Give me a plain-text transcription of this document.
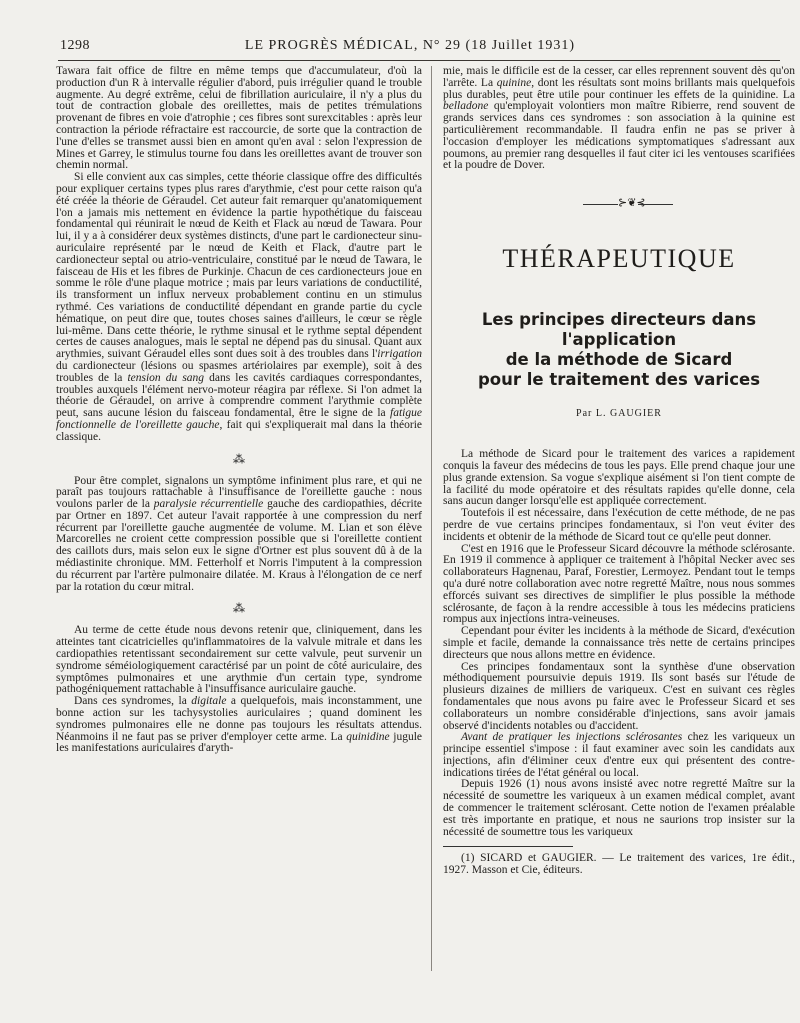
1298	LE PROGRÈS MÉDICAL, N° 29 (18 Juillet 1931)

Tawara fait office de filtre en même temps que d'accumulateur, d'où la production d'un R à intervalle régulier d'abord, puis irrégulier quand le trouble augmente. Au degré extrême, celui de fibrillation auriculaire, il n'y a plus du tout de contraction globale des oreillettes, mais de petites trémulations provenant de fibres en voie d'atrophie ; ces fibres sont surexcitables : après leur contraction la période réfractaire est raccourcie, de sorte que la contraction de l'une d'elles se transmet aussi bien en amont qu'en aval : selon l'expression de Mines et Garrey, le stimulus tourne fou dans les oreillettes avant de trouver son chemin normal.

Si elle convient aux cas simples, cette théorie classique offre des difficultés pour expliquer certains types plus rares d'arythmie, c'est pour cette raison qu'a été créée la théorie de Géraudel. Cet auteur fait remarquer qu'anatomiquement l'on a jamais mis nettement en évidence la partie hypothétique du faisceau fondamental qui réunirait le nœud de Keith et Flack au nœud de Tawara. Pour lui, il y a à considérer deux systèmes distincts, d'une part le cardionecteur sinu-auriculaire représenté par le nœud de Keith et Flack, d'autre part le cardionecteur septal ou atrio-ventriculaire, constitué par le nœud de Tawara, le faisceau de His et les fibres de Purkinje. Chacun de ces cardionecteurs joue en somme le rôle d'une plaque motrice ; mais par leurs variations de conductilité, ils transforment un influx nerveux probablement continu en un stimulus rythmé. Ces variations de conductilité dépendant en grande partie du cycle hématique, on peut dire que, toutes choses saines d'ailleurs, le cœur se règle lui-même. Dans cette théorie, le rythme sinusal et le rythme septal dépendent certes de causes analogues, mais le septal ne dépend pas du sinusal. Quant aux arythmies, suivant Géraudel elles sont dues soit à des troubles dans l'irrigation du cardionecteur (lésions ou spasmes artériolaires par exemple), soit à des troubles de la tension du sang dans les cavités cardiaques correspondantes, troubles auxquels l'élément nervo-moteur réagira par réflexe. Si l'on admet la théorie de Géraudel, on arrive à comprendre comment l'arythmie complète peut, sans aucune lésion du faisceau fondamental, être le signe de la fatigue fonctionnelle de l'oreillette gauche, fait qui s'expliquerait mal dans la théorie classique.

⁂

Pour être complet, signalons un symptôme infiniment plus rare, et qui ne paraît pas toujours rattachable à l'insuffisance de l'oreillette gauche : nous voulons parler de la paralysie récurrentielle gauche des cardiopathies, décrite par Ortner en 1897. Cet auteur l'avait rapportée à une compression du nerf récurrent par l'oreillette gauche augmentée de volume. M. Lian et son élève Marcorelles ne croient cette compression possible que si l'oreillette contient des caillots durs, mais selon eux le signe d'Ortner est plus souvent dû à de la médiastinite chronique. MM. Fetterholf et Norris l'imputent à la compression du récurrent par l'artère pulmonaire dilatée. M. Kraus à l'élongation de ce nerf par la rotation du cœur mitral.

⁂

Au terme de cette étude nous devons retenir que, cliniquement, dans les atteintes tant cicatricielles qu'inflammatoires de la valvule mitrale et dans les cardiopathies retentissant secondairement sur cette valvule, peut survenir un syndrome séméiologiquement caractérisé par un point de côté auriculaire, des symptômes pulmonaires et une arythmie d'un certain type, syndrome pathogéniquement rattachable à l'insuffisance auriculaire gauche.

Dans ces syndromes, la digitale a quelquefois, mais inconstamment, une bonne action sur les tachysystolies auriculaires ; quand dominent les syndromes pulmonaires elle ne donne pas toujours les résultats attendus. Néanmoins il ne faut pas se priver d'employer cette arme. La quinidine jugule les manifestations auriculaires d'aryth-

mie, mais le difficile est de la cesser, car elles reprennent souvent dès qu'on l'arrête. La quinine, dont les résultats sont moins brillants mais quelquefois plus durables, peut être utile pour continuer les effets de la quinidine. La belladone qu'employait volontiers mon maître Ribierre, rend souvent de grands services dans ces syndromes : son association à la quinine est particulièrement recommandable. Il faudra enfin ne pas se priver à l'occasion d'employer les médications symptomatiques s'adressant aux poumons, au premier rang desquelles il faut citer ici les ventouses scarifiées et la poudre de Dover.

⊱❦⊰
THÉRAPEUTIQUE
Les principes directeurs dans l'application
de la méthode de Sicard
pour le traitement des varices
Par L. GAUGIER

La méthode de Sicard pour le traitement des varices a rapidement conquis la faveur des médecins de tous les pays. Elle prend chaque jour une plus grande extension. Sa vogue s'explique aisément si l'on tient compte de la facilité du mode opératoire et des résultats rapides qu'elle donne, cela sans aucun danger lorsqu'elle est appliquée correctement.

Toutefois il est nécessaire, dans l'exécution de cette méthode, de ne pas perdre de vue certains principes fondamentaux, si l'on veut éviter des incidents et obtenir de la méthode de Sicard tout ce qu'elle peut donner.

C'est en 1916 que le Professeur Sicard découvre la méthode sclérosante. En 1919 il commence à appliquer ce traitement à l'hôpital Necker avec ses collaborateurs Hagnenau, Paraf, Forestier, Lermoyez. Pendant tout le temps qu'a duré notre collaboration avec notre regretté Maître, nous nous sommes efforcés suivant ses directives de simplifier le plus possible la méthode sclérosante, de façon à la rendre accessible à tous les médecins praticiens rompus aux injections intra-veineuses.

Cependant pour éviter les incidents à la méthode de Sicard, d'exécution simple et facile, demande la connaissance très nette de certains principes directeurs que nous allons mettre en évidence.

Ces principes fondamentaux sont la synthèse d'une observation méthodiquement poursuivie depuis 1919. Ils sont basés sur l'étude de plusieurs dizaines de milliers de variqueux. C'est en suivant ces règles fondamentales que nous avons pu faire avec le Professeur Sicard et ses collaborateurs un nombre considérable d'injections, sans avoir jamais observé d'incidents notables ou d'accident.

Avant de pratiquer les injections sclérosantes chez les variqueux un principe essentiel s'impose : il faut examiner avec soin les candidats aux injections, afin d'éliminer ceux d'entre eux qui présentent des contre-indications tirées de l'état général ou local.

Depuis 1926 (1) nous avons insisté avec notre regretté Maître sur la nécessité de soumettre les variqueux à un examen médical complet, avant de commencer le traitement sclérosant. Cette notion de l'examen préalable est très importante en pratique, et nous ne saurions trop insister sur la nécessité de soumettre tous les variqueux

(1) SICARD et GAUGIER. — Le traitement des varices, 1re édit., 1927. Masson et Cie, éditeurs.
